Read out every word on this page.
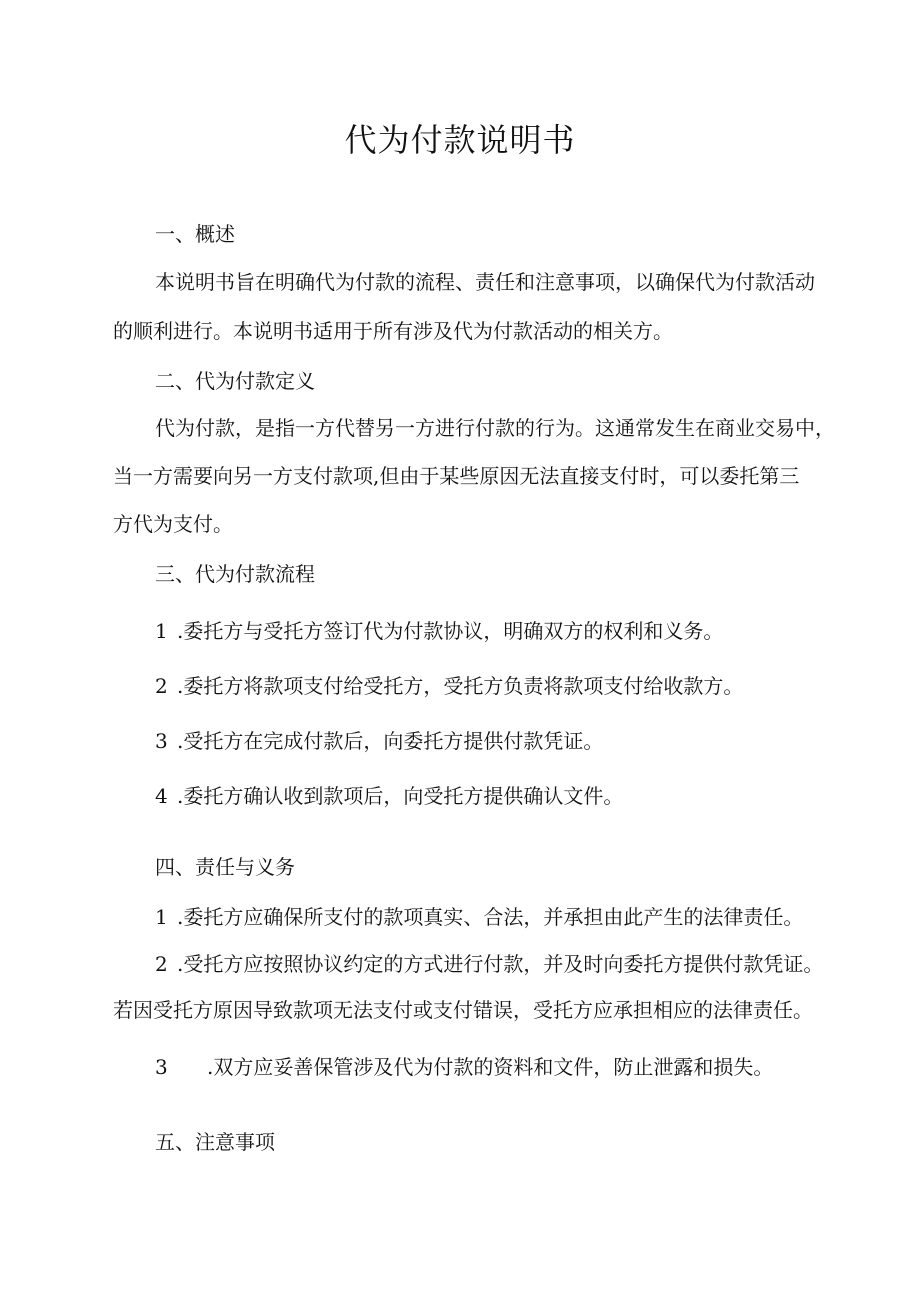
代为付款说明书
一、概述
本说明书旨在明确代为付款的流程、责任和注意事项，以确保代为付款活动
的顺利进行。本说明书适用于所有涉及代为付款活动的相关方。
二、代为付款定义
代为付款，是指一方代替另一方进行付款的行为。这通常发生在商业交易中，
当一方需要向另一方支付款项,但由于某些原因无法直接支付时，可以委托第三
方代为支付。
三、代为付款流程
1 .委托方与受托方签订代为付款协议，明确双方的权利和义务。
2 .委托方将款项支付给受托方，受托方负责将款项支付给收款方。
3 .受托方在完成付款后，向委托方提供付款凭证。
4 .委托方确认收到款项后，向受托方提供确认文件。
四、责任与义务
1 .委托方应确保所支付的款项真实、合法，并承担由此产生的法律责任。
2 .受托方应按照协议约定的方式进行付款，并及时向委托方提供付款凭证。
若因受托方原因导致款项无法支付或支付错误，受托方应承担相应的法律责任。
3 .双方应妥善保管涉及代为付款的资料和文件，防止泄露和损失。
五、注意事项
